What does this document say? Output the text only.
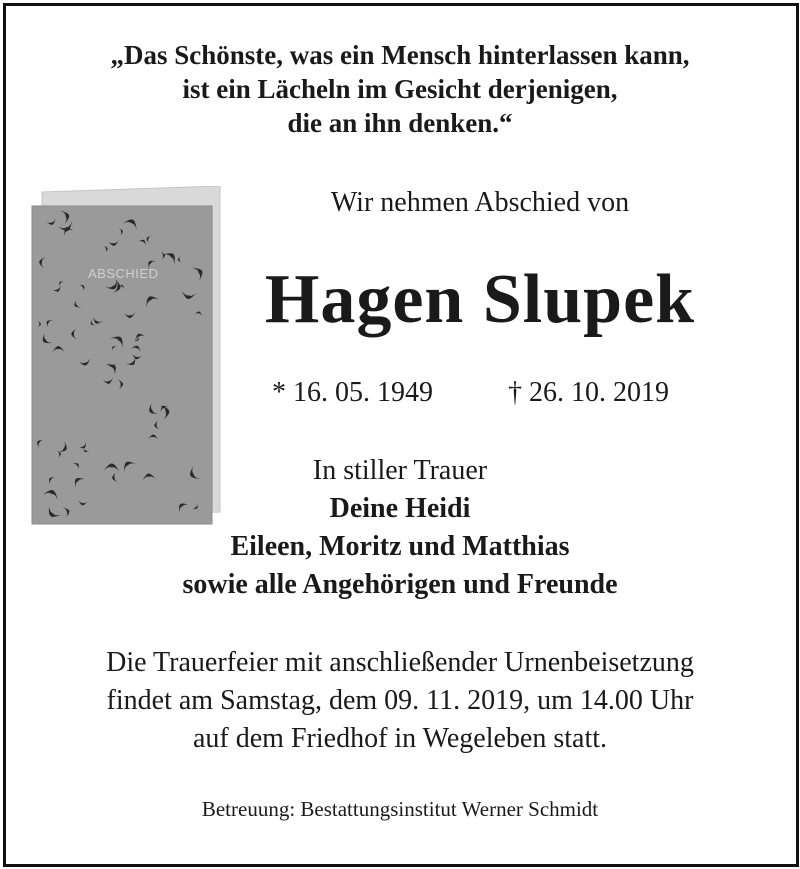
„Das Schönste, was ein Mensch hinterlassen kann,
ist ein Lächeln im Gesicht derjenigen,
die an ihn denken.“
ABSCHIED
Wir nehmen Abschied von
Hagen Slupek
* 16. 05. 1949	† 26. 10. 2019
In stiller Trauer
Deine Heidi
Eileen, Moritz und Matthias
sowie alle Angehörigen und Freunde
Die Trauerfeier mit anschließender Urnenbeisetzung
findet am Samstag, dem 09. 11. 2019, um 14.00 Uhr
auf dem Friedhof in Wegeleben statt.
Betreuung: Bestattungsinstitut Werner Schmidt
